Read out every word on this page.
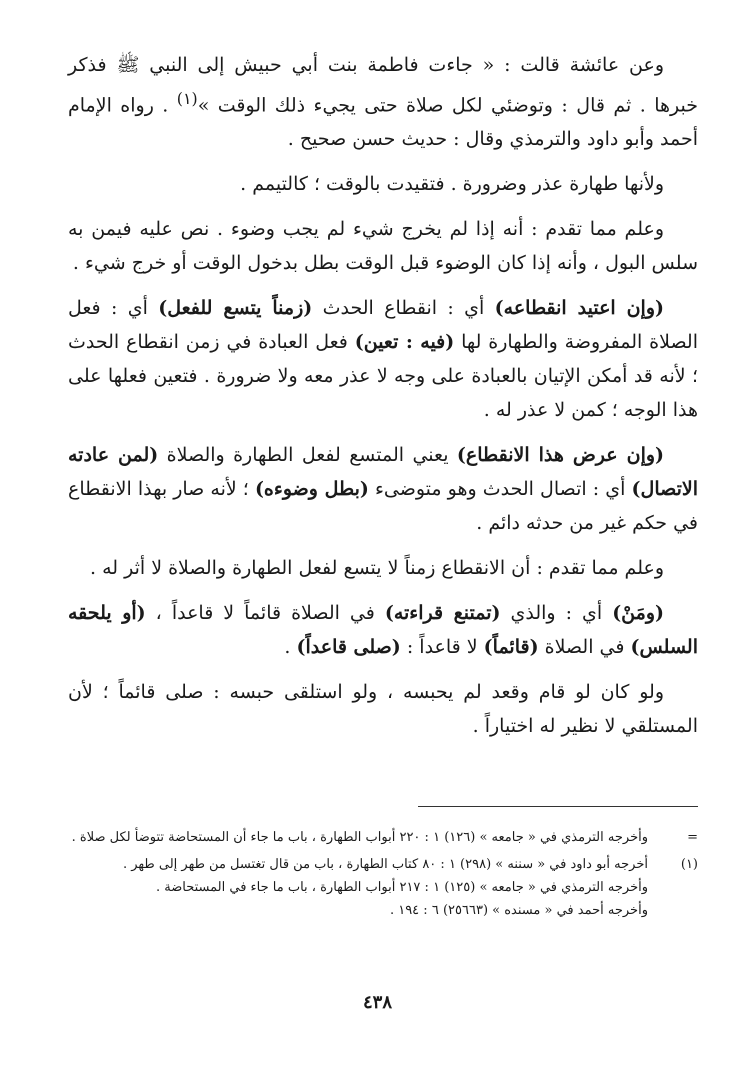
وعن عائشة قالت : « جاءت فاطمة بنت أبي حبيش إلى النبي ﷺ فذكر خبرها . ثم قال : وتوضئي لكل صلاة حتى يجيء ذلك الوقت »$^{(١)}$ . رواه الإمام أحمد وأبو داود والترمذي وقال : حديث حسن صحيح .

ولأنها طهارة عذر وضرورة . فتقيدت بالوقت ؛ كالتيمم .

وعلم مما تقدم : أنه إذا لم يخرج شيء لم يجب وضوء . نص عليه فيمن به سلس البول ، وأنه إذا كان الوضوء قبل الوقت بطل بدخول الوقت أو خرج شيء .

(وإن اعتيد انقطاعه) أي : انقطاع الحدث (زمناً يتسع للفعل) أي : فعل الصلاة المفروضة والطهارة لها (فيه : تعين) فعل العبادة في زمن انقطاع الحدث ؛ لأنه قد أمكن الإتيان بالعبادة على وجه لا عذر معه ولا ضرورة . فتعين فعلها على هذا الوجه ؛ كمن لا عذر له .

(وإن عرض هذا الانقطاع) يعني المتسع لفعل الطهارة والصلاة (لمن عادته الاتصال) أي : اتصال الحدث وهو متوضىء (بطل وضوءه) ؛ لأنه صار بهذا الانقطاع في حكم غير من حدثه دائم .

وعلم مما تقدم : أن الانقطاع زمناً لا يتسع لفعل الطهارة والصلاة لا أثر له .

(ومَنْ) أي : والذي (تمتنع قراءته) في الصلاة قائماً لا قاعداً ، (أو يلحقه السلس) في الصلاة (قائماً) لا قاعداً : (صلى قاعداً) .

ولو كان لو قام وقعد لم يحبسه ، ولو استلقى حبسه : صلى قائماً ؛ لأن المستلقي لا نظير له اختياراً .

=
وأخرجه الترمذي في « جامعه » (١٢٦) ١ : ٢٢٠ أبواب الطهارة ، باب ما جاء أن المستحاضة تتوضأ لكل صلاة .
(١)
أخرجه أبو داود في « سننه » (٢٩٨) ١ : ٨٠ كتاب الطهارة ، باب من قال تغتسل من طهر إلى طهر .
وأخرجه الترمذي في « جامعه » (١٢٥) ١ : ٢١٧ أبواب الطهارة ، باب ما جاء في المستحاضة .
وأخرجه أحمد في « مسنده » (٢٥٦٦٣) ٦ : ١٩٤ .
٤٣٨
